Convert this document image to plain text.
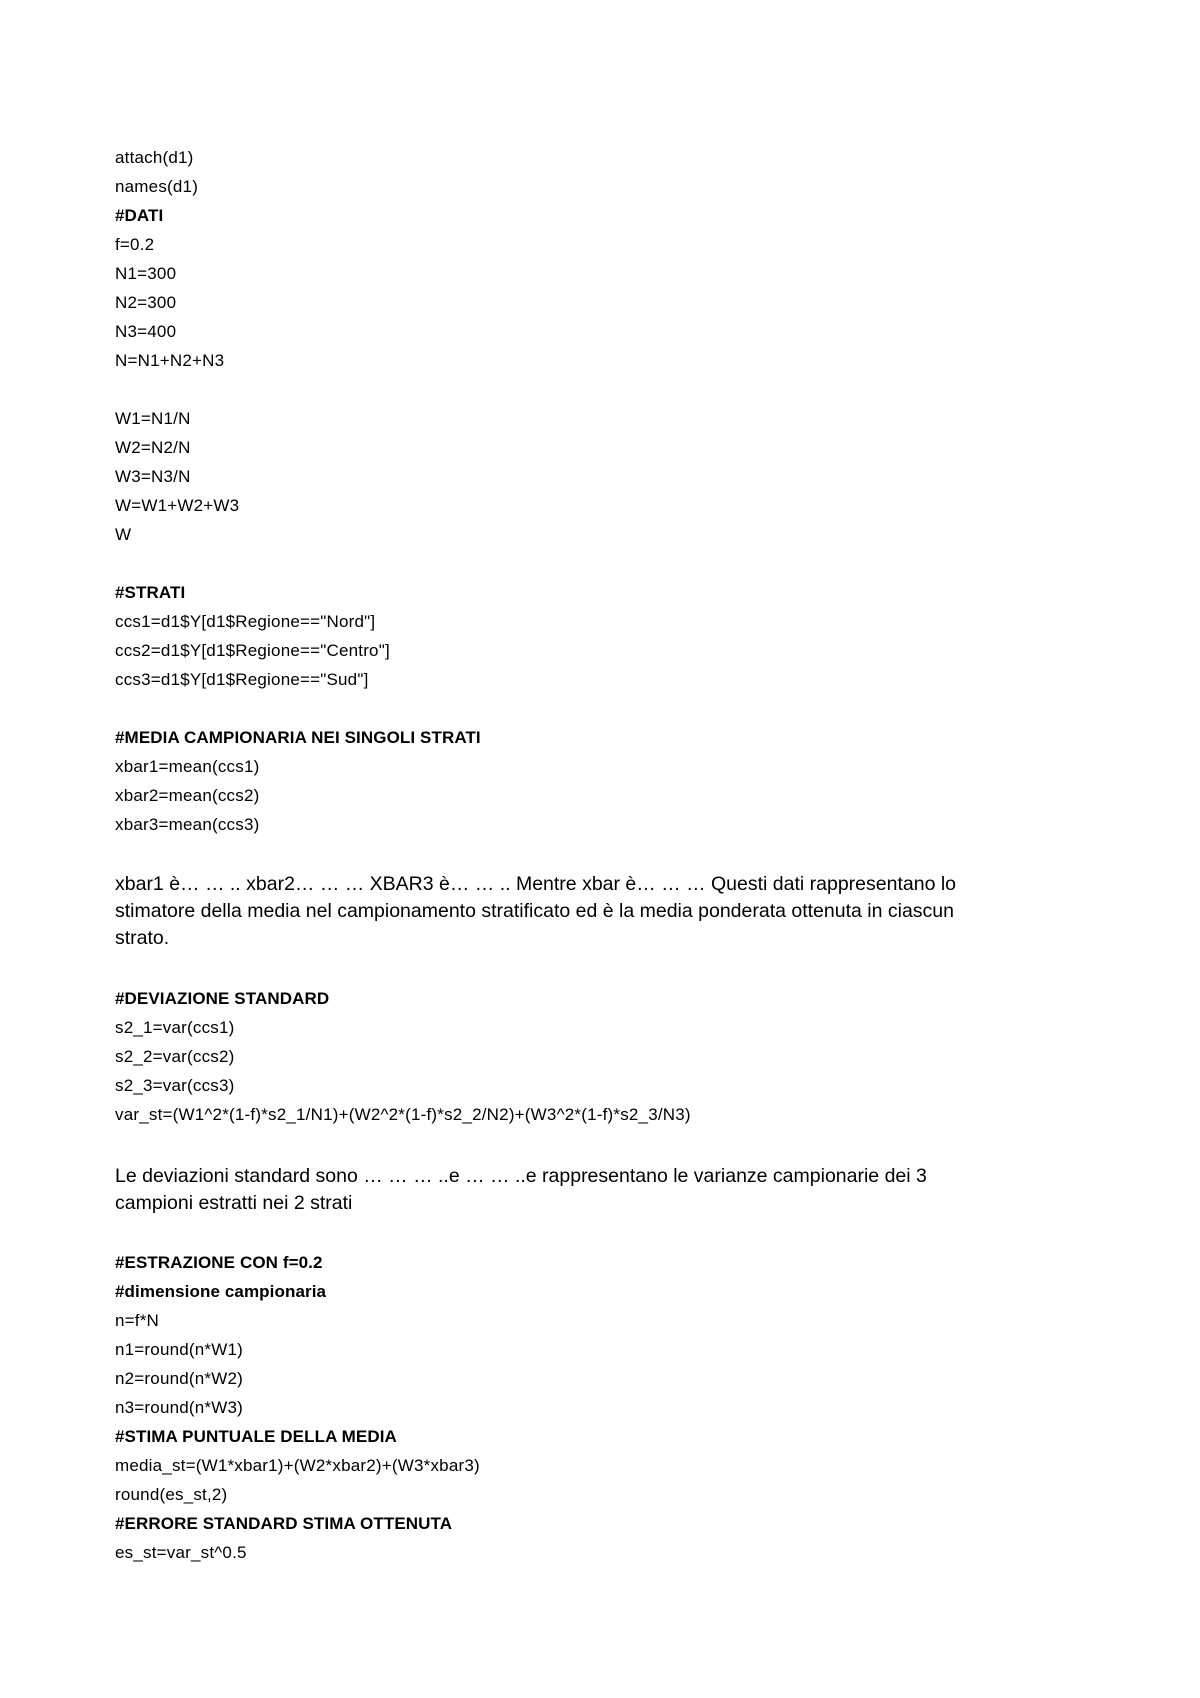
attach(d1)
names(d1)
#DATI
f=0.2
N1=300
N2=300
N3=400
N=N1+N2+N3
W1=N1/N
W2=N2/N
W3=N3/N
W=W1+W2+W3
W
#STRATI
ccs1=d1$Y[d1$Regione=="Nord"]
ccs2=d1$Y[d1$Regione=="Centro"]
ccs3=d1$Y[d1$Regione=="Sud"]
#MEDIA CAMPIONARIA NEI SINGOLI STRATI
xbar1=mean(ccs1)
xbar2=mean(ccs2)
xbar3=mean(ccs3)
xbar1 è… … .. xbar2… … … XBAR3 è… … .. Mentre xbar è… … … Questi dati rappresentano lo
stimatore della media nel campionamento stratificato ed è la media ponderata ottenuta in ciascun
strato.
#DEVIAZIONE STANDARD
s2_1=var(ccs1)
s2_2=var(ccs2)
s2_3=var(ccs3)
var_st=(W1^2*(1-f)*s2_1/N1)+(W2^2*(1-f)*s2_2/N2)+(W3^2*(1-f)*s2_3/N3)
Le deviazioni standard sono … … … ..e … … ..e rappresentano le varianze campionarie dei 3
campioni estratti nei 2 strati
#ESTRAZIONE CON f=0.2
#dimensione campionaria
n=f*N
n1=round(n*W1)
n2=round(n*W2)
n3=round(n*W3)
#STIMA PUNTUALE DELLA MEDIA
media_st=(W1*xbar1)+(W2*xbar2)+(W3*xbar3)
round(es_st,2)
#ERRORE STANDARD STIMA OTTENUTA
es_st=var_st^0.5
